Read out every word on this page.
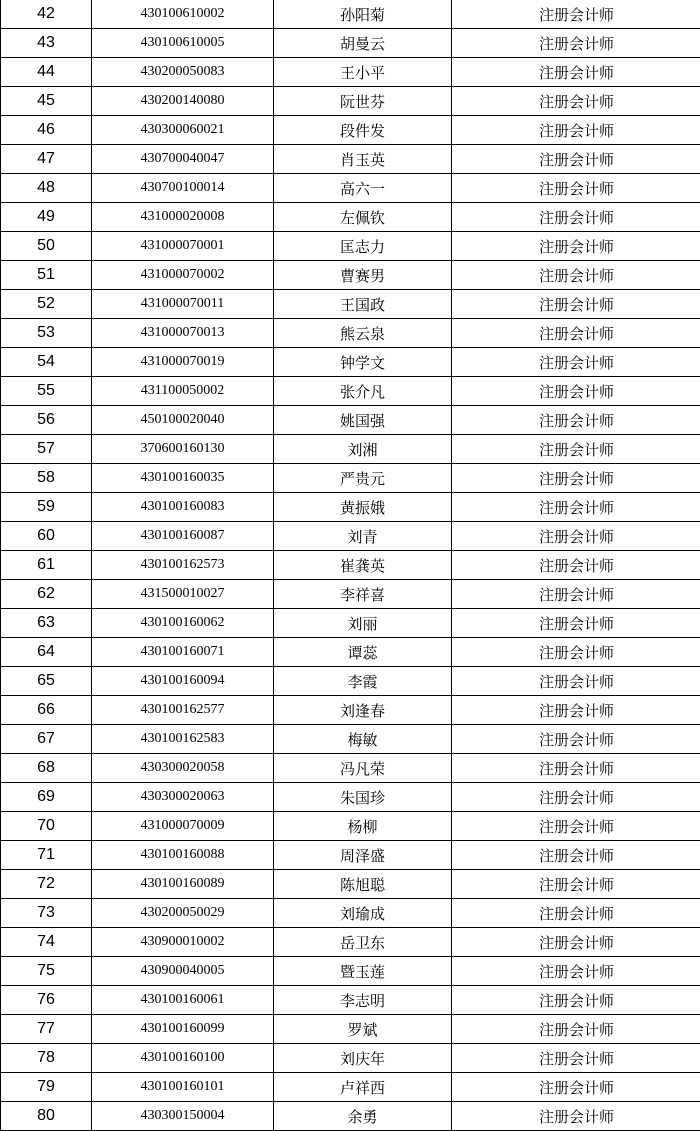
42	430100610002	孙阳菊	注册会计师
43	430100610005	胡曼云	注册会计师
44	430200050083	王小平	注册会计师
45	430200140080	阮世芬	注册会计师
46	430300060021	段件发	注册会计师
47	430700040047	肖玉英	注册会计师
48	430700100014	高六一	注册会计师
49	431000020008	左佩钦	注册会计师
50	431000070001	匡志力	注册会计师
51	431000070002	曹赛男	注册会计师
52	431000070011	王国政	注册会计师
53	431000070013	熊云泉	注册会计师
54	431000070019	钟学文	注册会计师
55	431100050002	张介凡	注册会计师
56	450100020040	姚国强	注册会计师
57	370600160130	刘湘	注册会计师
58	430100160035	严贵元	注册会计师
59	430100160083	黄振娥	注册会计师
60	430100160087	刘青	注册会计师
61	430100162573	崔龚英	注册会计师
62	431500010027	李祥喜	注册会计师
63	430100160062	刘丽	注册会计师
64	430100160071	谭蕊	注册会计师
65	430100160094	李霞	注册会计师
66	430100162577	刘逢春	注册会计师
67	430100162583	梅敏	注册会计师
68	430300020058	冯凡荣	注册会计师
69	430300020063	朱国珍	注册会计师
70	431000070009	杨柳	注册会计师
71	430100160088	周泽盛	注册会计师
72	430100160089	陈旭聪	注册会计师
73	430200050029	刘瑜成	注册会计师
74	430900010002	岳卫东	注册会计师
75	430900040005	暨玉莲	注册会计师
76	430100160061	李志明	注册会计师
77	430100160099	罗斌	注册会计师
78	430100160100	刘庆年	注册会计师
79	430100160101	卢祥西	注册会计师
80	430300150004	余勇	注册会计师
